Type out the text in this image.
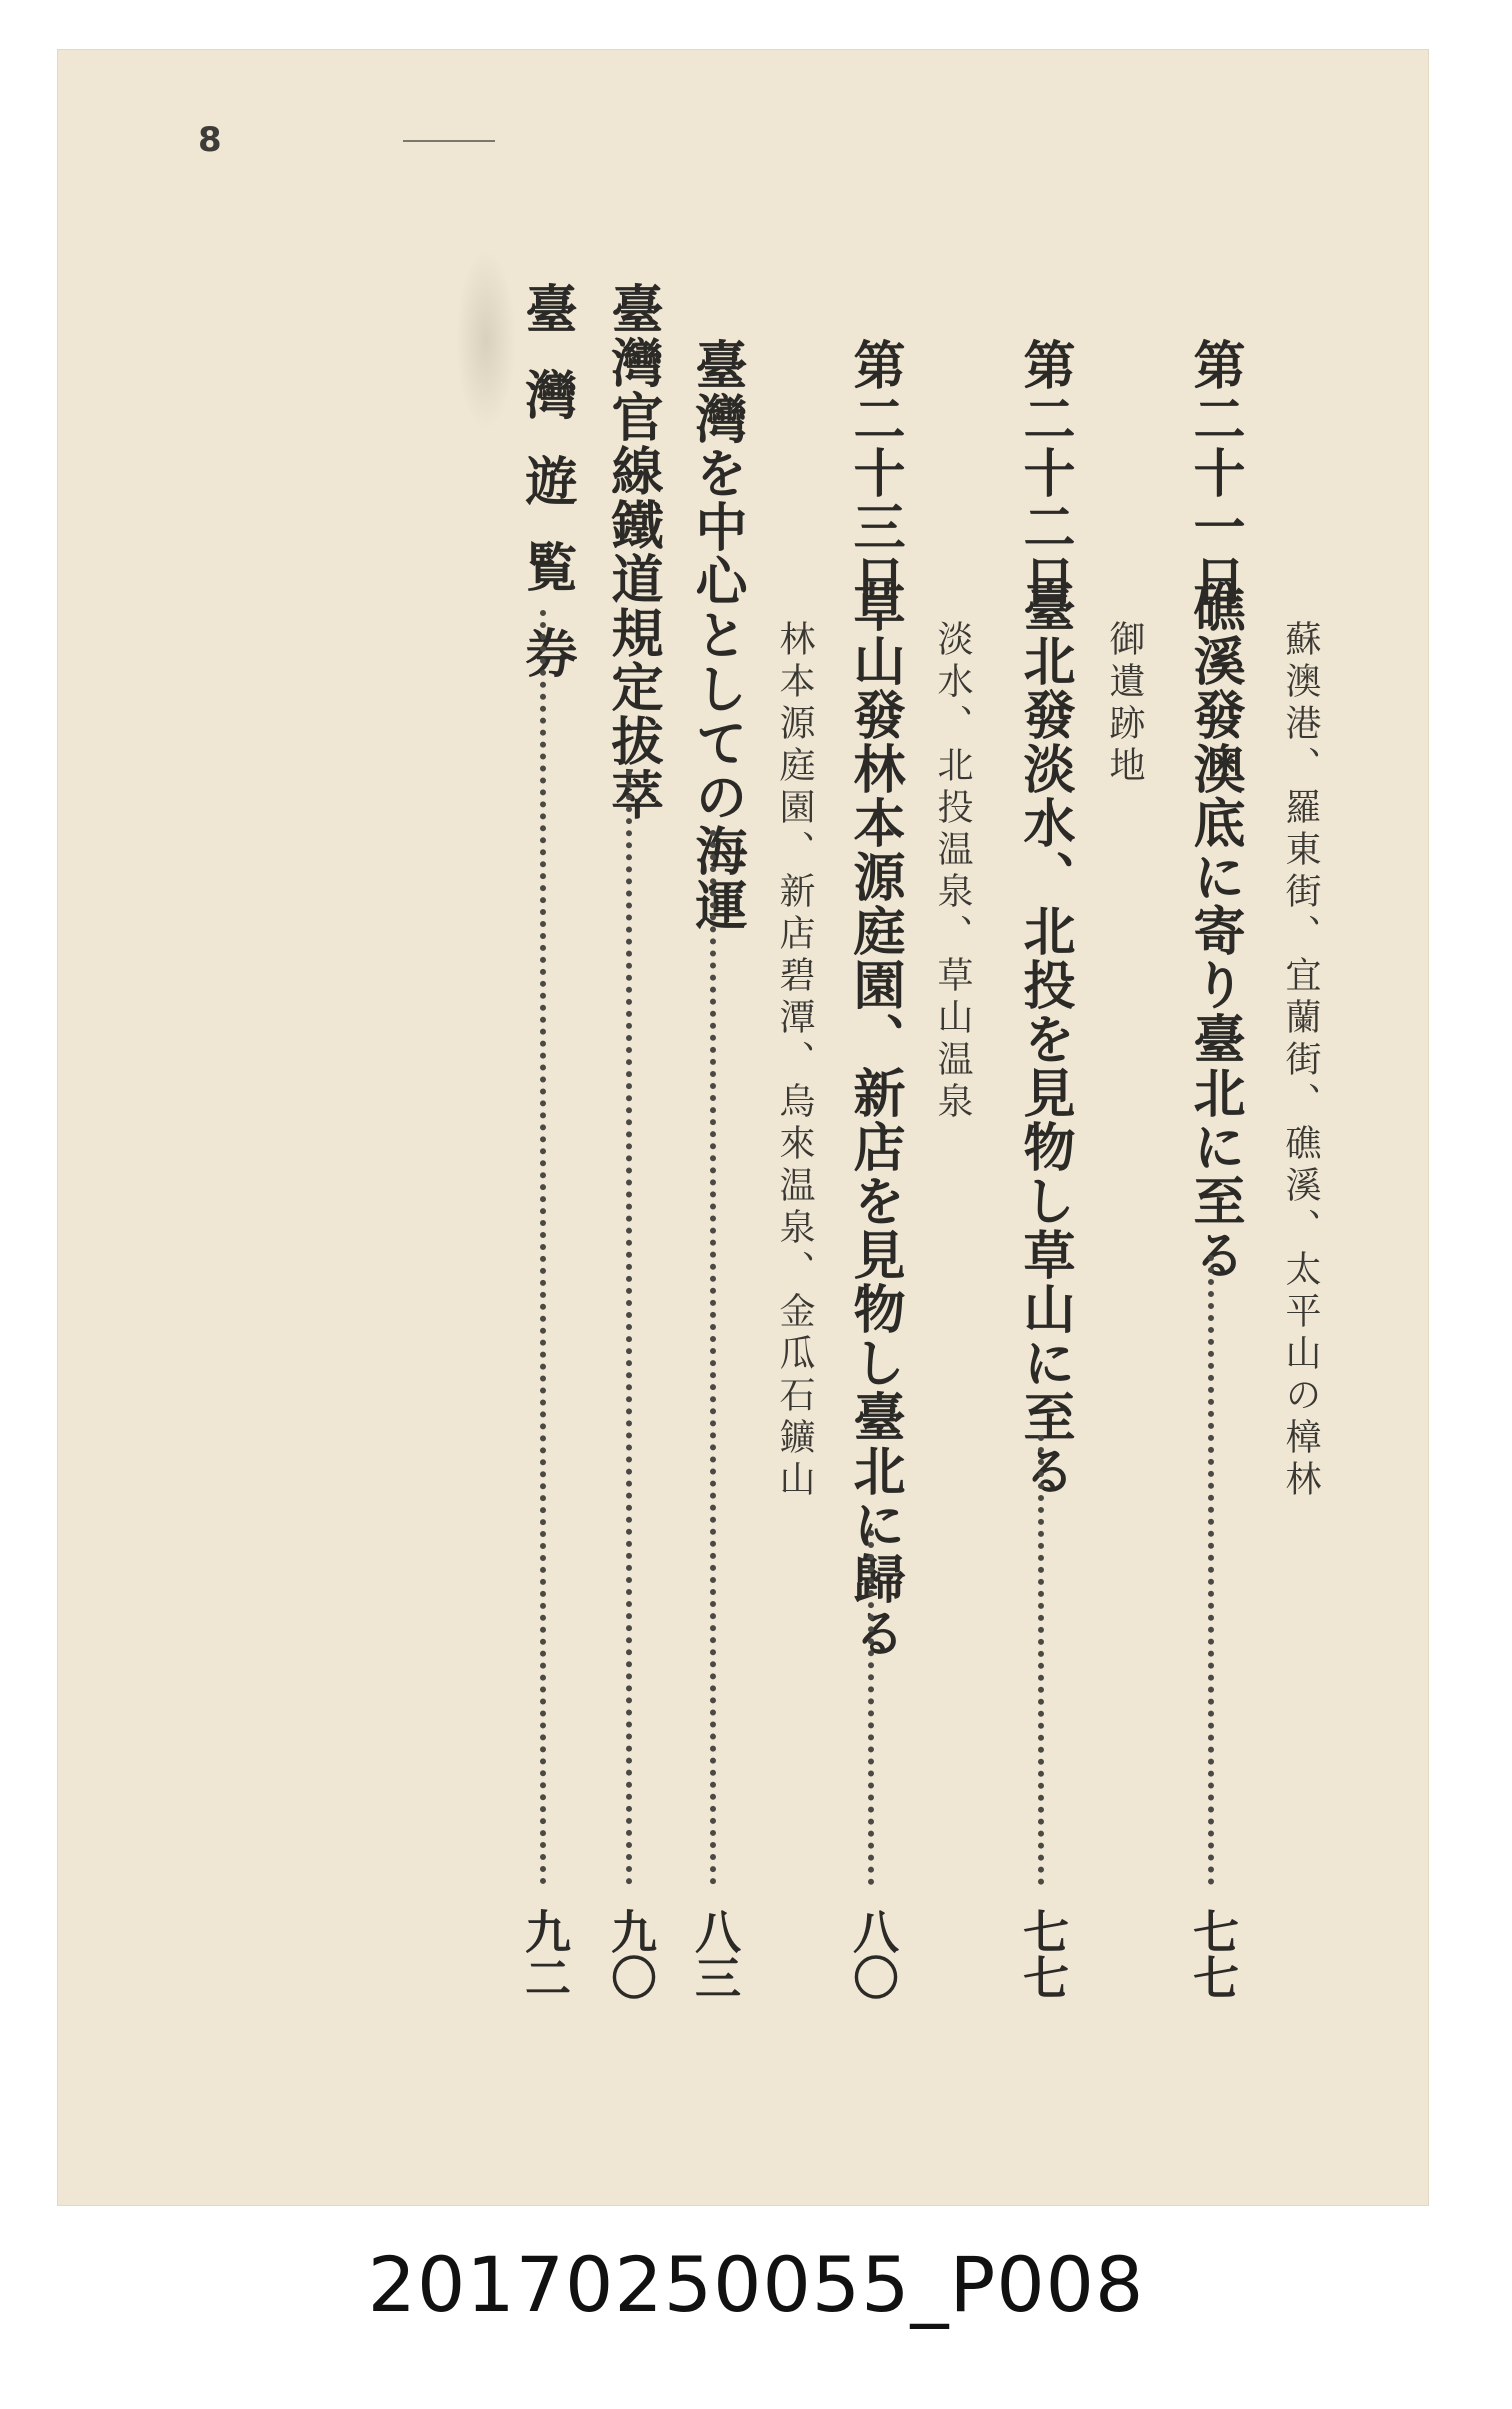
8
第二十一日
礁溪發澳底に寄り臺北に至る
七七
蘇澳港、羅東街、宜蘭街、礁溪、太平山の樟林
御遺跡地
第二十二日
臺北發淡水、北投を見物し草山に至る
七七
淡水、北投温泉、草山温泉
第二十三日
草山發林本源庭園、新店を見物し臺北に歸る
八〇
林本源庭園、新店碧潭、烏來温泉、金瓜石鑛山
臺灣を中心としての海運
八三
臺灣官線鐵道規定拔萃
九〇
臺灣遊覧券
九二
20170250055_P008
